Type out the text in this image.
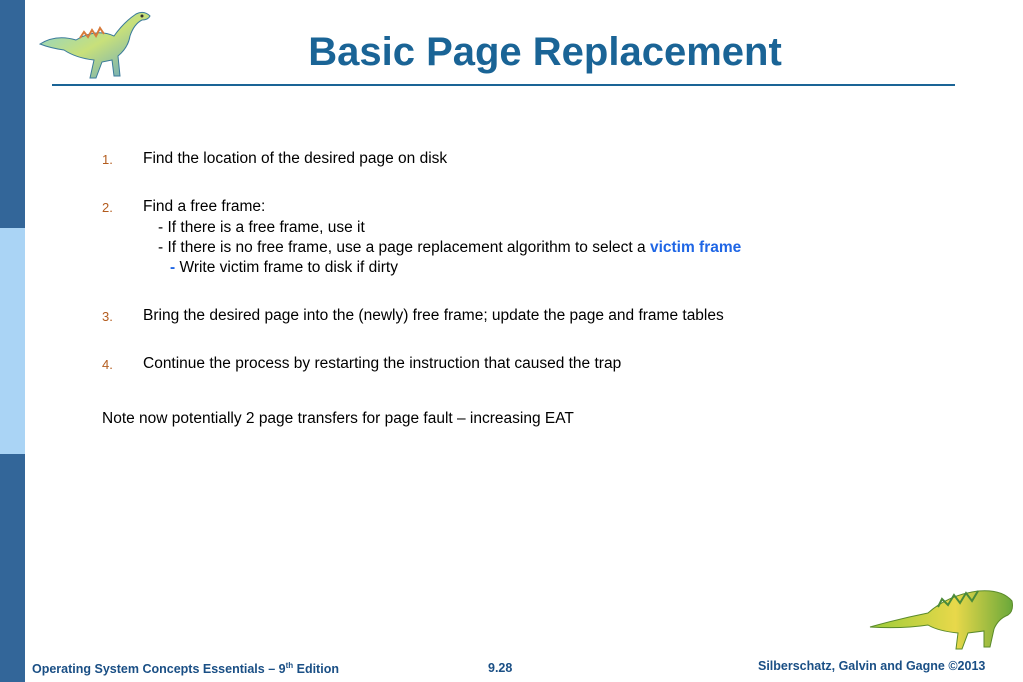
Basic Page Replacement
1. Find the location of the desired page on disk
2. Find a free frame:
- If there is a free frame, use it
- If there is no free frame, use a page replacement algorithm to select a victim frame
- Write victim frame to disk if dirty
3. Bring the desired page into the (newly) free frame; update the page and frame tables
4. Continue the process by restarting the instruction that caused the trap
Note now potentially 2 page transfers for page fault – increasing EAT
Operating System Concepts Essentials – 9th Edition	9.28	Silberschatz, Galvin and Gagne ©2013
